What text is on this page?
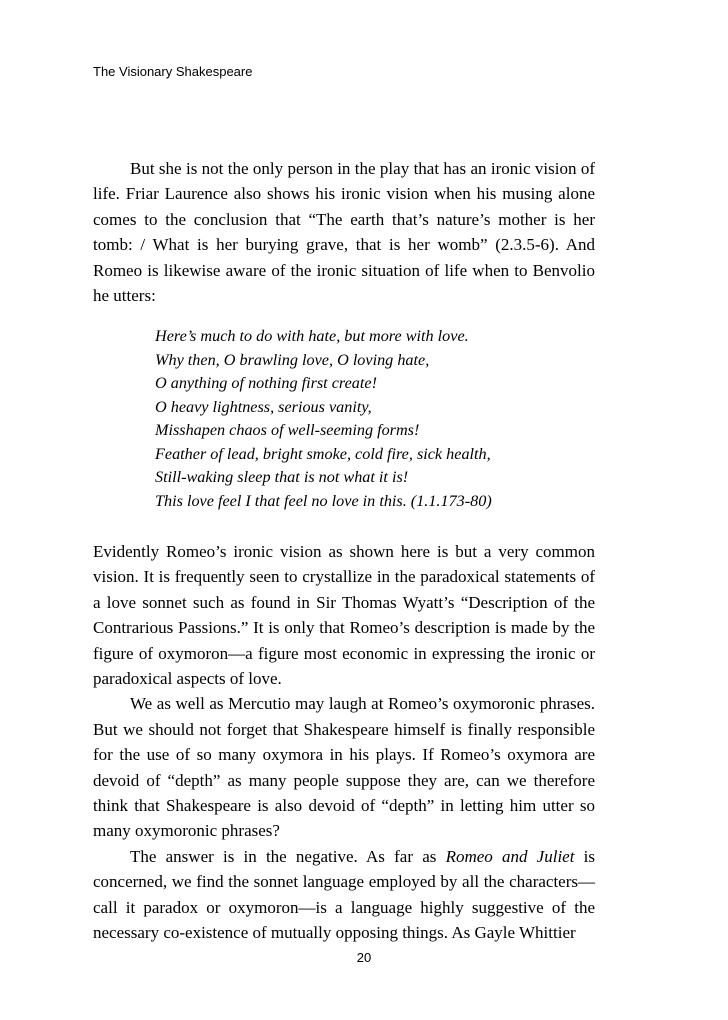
The Visionary Shakespeare

But she is not the only person in the play that has an ironic vision of life. Friar Laurence also shows his ironic vision when his musing alone comes to the conclusion that “The earth that’s nature’s mother is her tomb: / What is her burying grave, that is her womb” (2.3.5-6). And Romeo is likewise aware of the ironic situation of life when to Benvolio he utters:

Here’s much to do with hate, but more with love.
Why then, O brawling love, O loving hate,
O anything of nothing first create!
O heavy lightness, serious vanity,
Misshapen chaos of well-seeming forms!
Feather of lead, bright smoke, cold fire, sick health,
Still-waking sleep that is not what it is!
This love feel I that feel no love in this. (1.1.173-80)

Evidently Romeo’s ironic vision as shown here is but a very common vision. It is frequently seen to crystallize in the paradoxical statements of a love sonnet such as found in Sir Thomas Wyatt’s “Description of the Contrarious Passions.” It is only that Romeo’s description is made by the figure of oxymoron—a figure most economic in expressing the ironic or paradoxical aspects of love.

We as well as Mercutio may laugh at Romeo’s oxymoronic phrases. But we should not forget that Shakespeare himself is finally responsible for the use of so many oxymora in his plays. If Romeo’s oxymora are devoid of “depth” as many people suppose they are, can we therefore think that Shakespeare is also devoid of “depth” in letting him utter so many oxymoronic phrases?

The answer is in the negative. As far as Romeo and Juliet is concerned, we find the sonnet language employed by all the characters—call it paradox or oxymoron—is a language highly suggestive of the necessary co-existence of mutually opposing things. As Gayle Whittier

20
